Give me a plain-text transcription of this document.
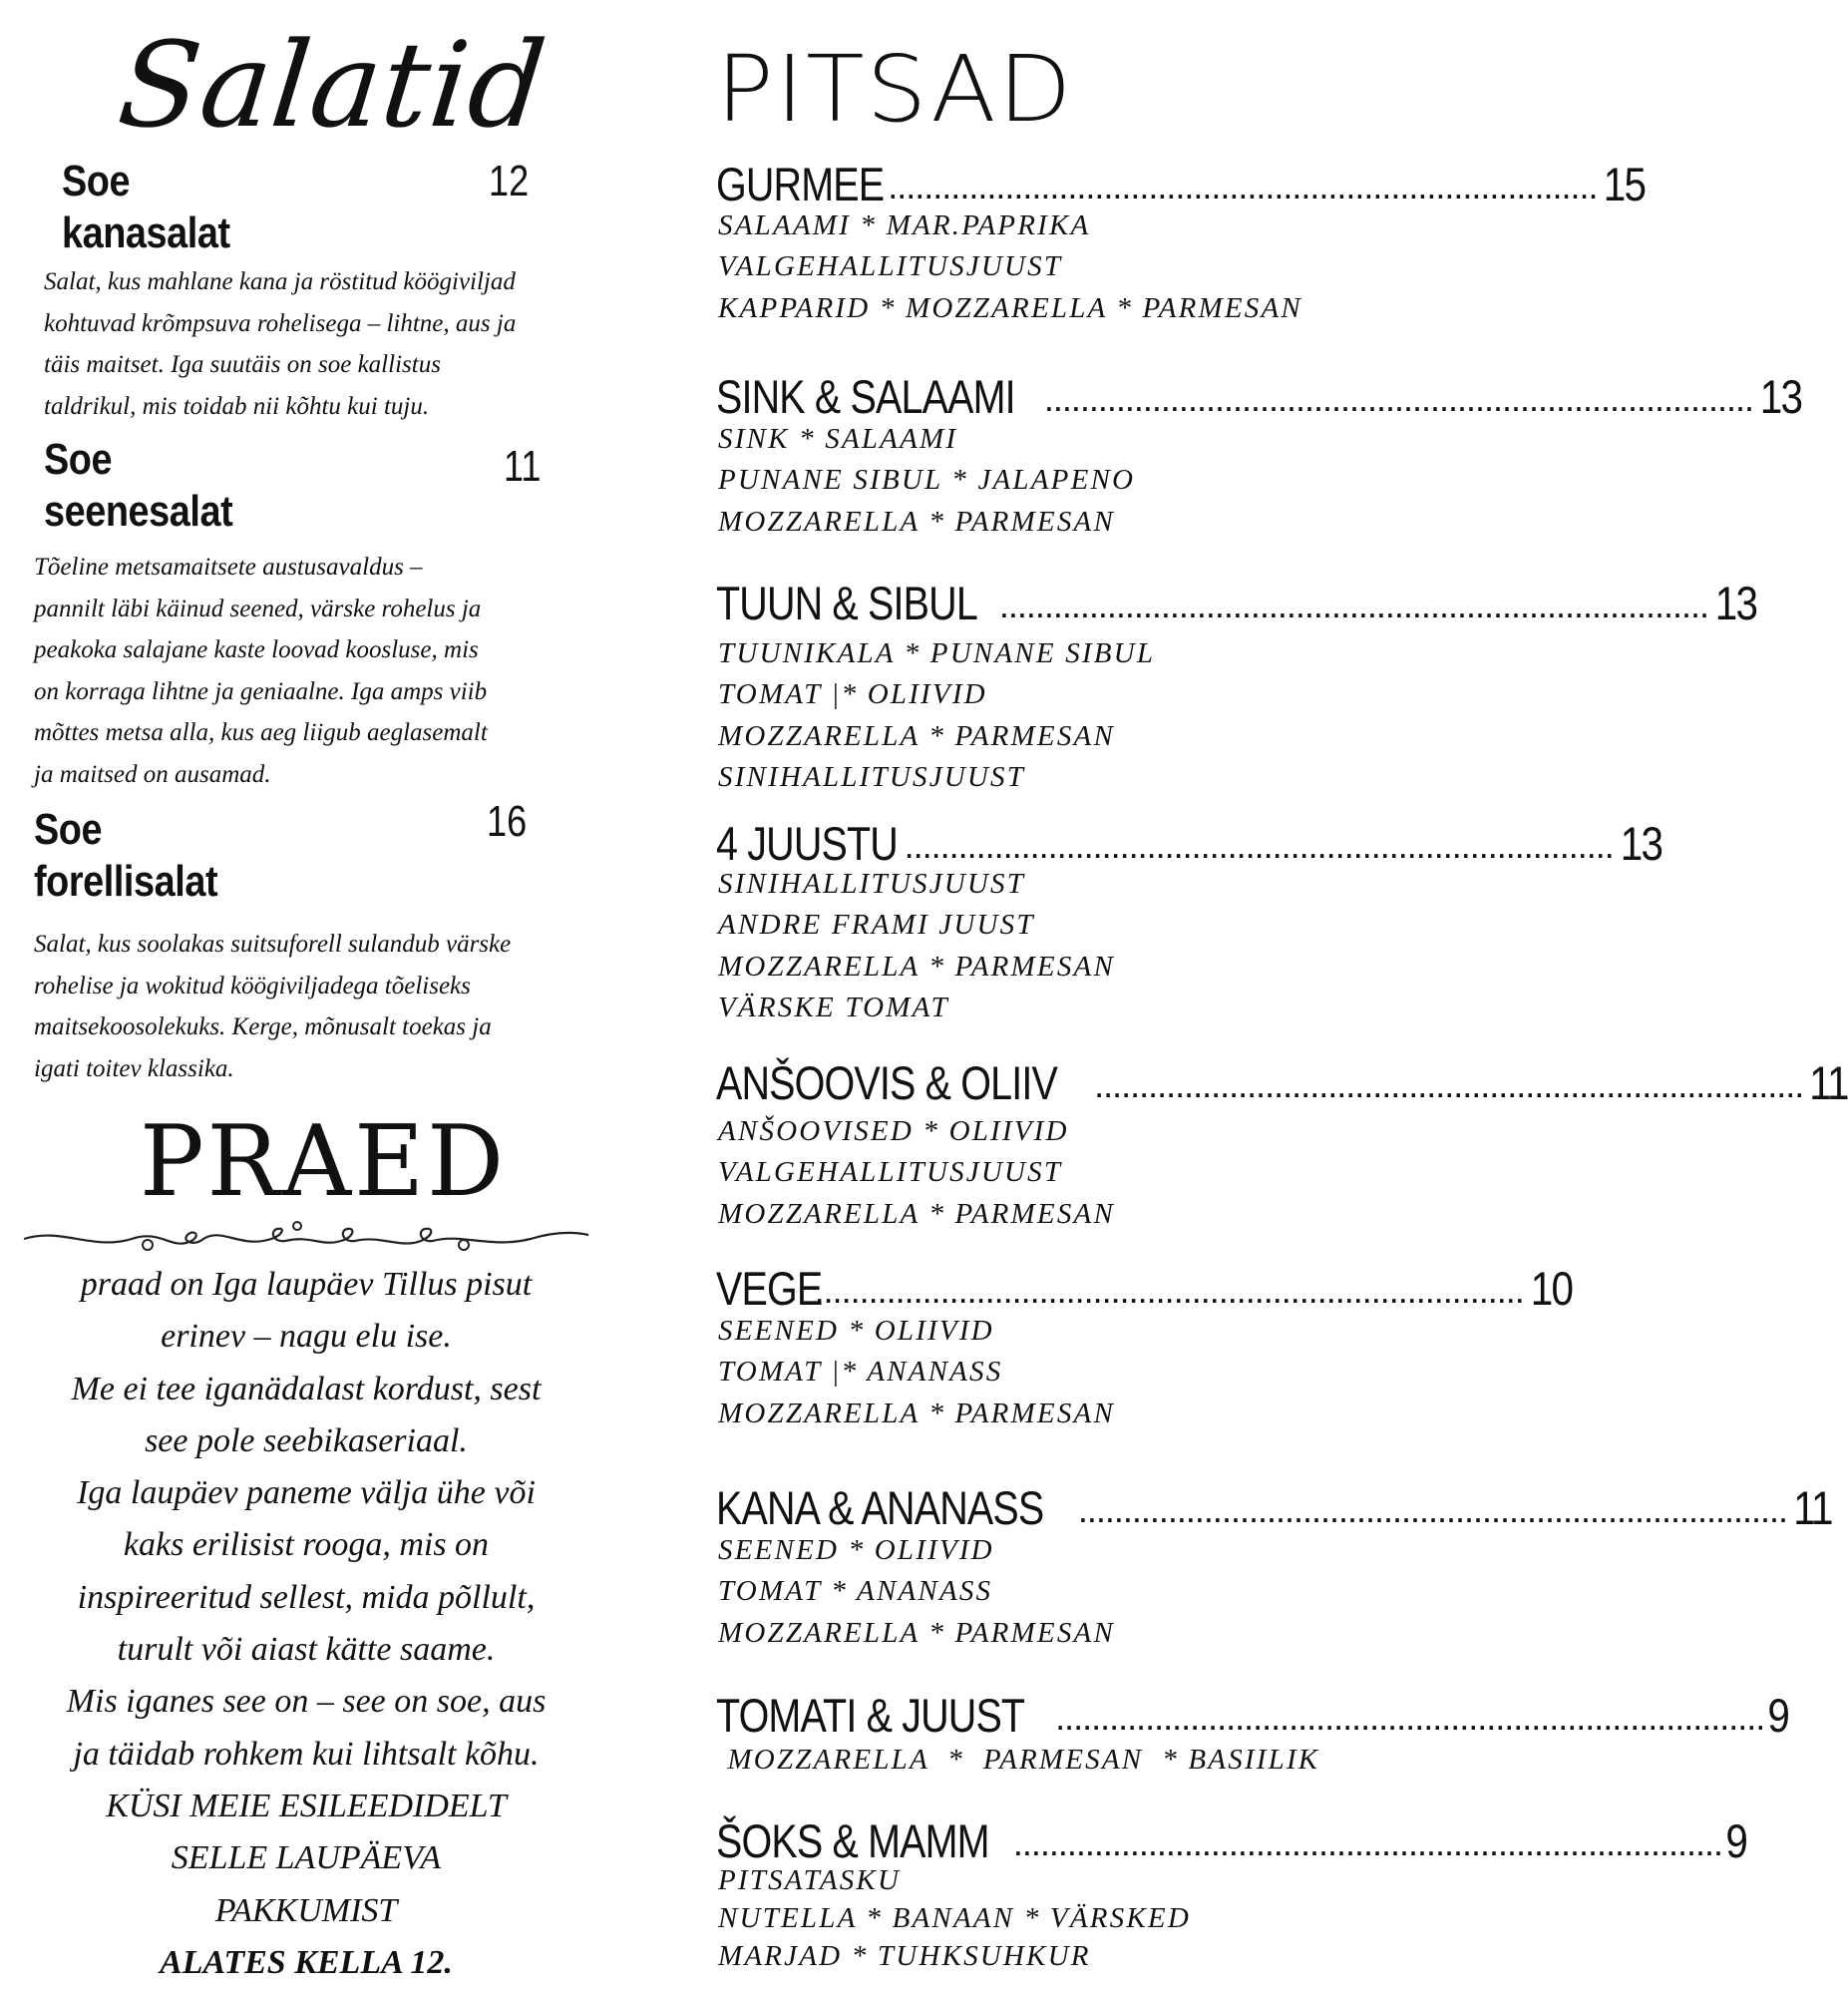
Salatid
Soe
kanasalat
12
Salat, kus mahlane kana ja röstitud köögiviljad
kohtuvad krõmpsuva rohelisega – lihtne, aus ja
täis maitset. Iga suutäis on soe kallistus
taldrikul, mis toidab nii kõhtu kui tuju.
Soe
seenesalat
11
Tõeline metsamaitsete austusavaldus –
pannilt läbi käinud seened, värske rohelus ja
peakoka salajane kaste loovad koosluse, mis
on korraga lihtne ja geniaalne. Iga amps viib
mõttes metsa alla, kus aeg liigub aeglasemalt
ja maitsed on ausamad.
Soe
forellisalat
16
Salat, kus soolakas suitsuforell sulandub värske
rohelise ja wokitud köögiviljadega tõeliseks
maitsekoosolekuks. Kerge, mõnusalt toekas ja
igati toitev klassika.
PRAED
praad on Iga laupäev Tillus pisut
erinev – nagu elu ise.
Me ei tee iganädalast kordust, sest
see pole seebikaseriaal.
Iga laupäev paneme välja ühe või
kaks erilisist rooga, mis on
inspireeritud sellest, mida põllult,
turult või aiast kätte saame.
Mis iganes see on – see on soe, aus
ja täidab rohkem kui lihtsalt kõhu.
KÜSI MEIE ESILEEDIDELT
SELLE LAUPÄEVA
PAKKUMIST
ALATES KELLA 12.
PITSAD
GURMEE ............................................................................... 15
SALAAMI * MAR.PAPRIKA
VALGEHALLITUSJUUST
KAPPARID * MOZZARELLA * PARMESAN
SINK & SALAAMI ............................................................................... 13
SINK * SALAAMI
PUNANE SIBUL * JALAPENO
MOZZARELLA * PARMESAN
TUUN & SIBUL ............................................................................... 13
TUUNIKALA * PUNANE SIBUL
TOMAT |* OLIIVID
MOZZARELLA * PARMESAN
SINIHALLITUSJUUST
4 JUUSTU ............................................................................... 13
SINIHALLITUSJUUST
ANDRE FRAMI JUUST
MOZZARELLA * PARMESAN
VÄRSKE TOMAT
ANŠOOVIS & OLIIV ............................................................................... 11
ANŠOOVISED * OLIIVID
VALGEHALLITUSJUUST
MOZZARELLA * PARMESAN
VEGE
............................................................................... 10
SEENED * OLIIVID
TOMAT |* ANANASS
MOZZARELLA * PARMESAN
KANA & ANANASS ............................................................................... 11
SEENED * OLIIVID
TOMAT * ANANASS
MOZZARELLA * PARMESAN
TOMATI & JUUST ............................................................................... 9
MOZZARELLA  *  PARMESAN  * BASIILIK
ŠOKS & MAMM ............................................................................... 9
PITSATASKU
NUTELLA * BANAAN * VÄRSKED
MARJAD * TUHKSUHKUR
